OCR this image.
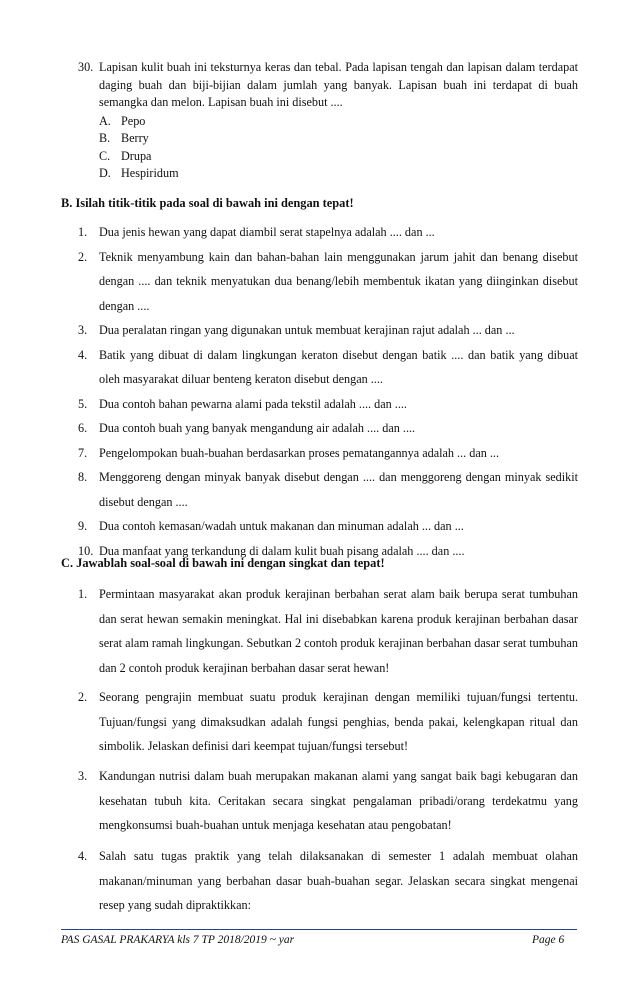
30. Lapisan kulit buah ini teksturnya keras dan tebal. Pada lapisan tengah dan lapisan dalam terdapat daging buah dan biji-bijian dalam jumlah yang banyak. Lapisan buah ini terdapat di buah semangka dan melon. Lapisan buah ini disebut ....
A. Pepo
B. Berry
C. Drupa
D. Hespiridum
B. Isilah titik-titik pada soal di bawah ini dengan tepat!
1. Dua jenis hewan yang dapat diambil serat stapelnya adalah .... dan ...
2. Teknik menyambung kain dan bahan-bahan lain menggunakan jarum jahit dan benang disebut dengan .... dan teknik menyatukan dua benang/lebih membentuk ikatan yang diinginkan disebut dengan ....
3. Dua peralatan ringan yang digunakan untuk membuat kerajinan rajut adalah ... dan ...
4. Batik yang dibuat di dalam lingkungan keraton disebut dengan batik .... dan batik yang dibuat oleh masyarakat diluar benteng keraton disebut dengan ....
5. Dua contoh bahan pewarna alami pada tekstil adalah .... dan ....
6. Dua contoh buah yang banyak mengandung air adalah .... dan ....
7. Pengelompokan buah-buahan berdasarkan proses pematangannya adalah ... dan ...
8. Menggoreng dengan minyak banyak disebut dengan .... dan menggoreng dengan minyak sedikit disebut dengan ....
9. Dua contoh kemasan/wadah untuk makanan dan minuman adalah ... dan ...
10. Dua manfaat yang terkandung di dalam kulit buah pisang adalah .... dan ....
C. Jawablah soal-soal di bawah ini dengan singkat dan tepat!
1. Permintaan masyarakat akan produk kerajinan berbahan serat alam baik berupa serat tumbuhan dan serat hewan semakin meningkat. Hal ini disebabkan karena produk kerajinan berbahan dasar serat alam ramah lingkungan. Sebutkan 2 contoh produk kerajinan berbahan dasar serat tumbuhan dan 2 contoh produk kerajinan berbahan dasar serat hewan!
2. Seorang pengrajin membuat suatu produk kerajinan dengan memiliki tujuan/fungsi tertentu. Tujuan/fungsi yang dimaksudkan adalah fungsi penghias, benda pakai, kelengkapan ritual dan simbolik. Jelaskan definisi dari keempat tujuan/fungsi tersebut!
3. Kandungan nutrisi dalam buah merupakan makanan alami yang sangat baik bagi kebugaran dan kesehatan tubuh kita. Ceritakan secara singkat pengalaman pribadi/orang terdekatmu yang mengkonsumsi buah-buahan untuk menjaga kesehatan atau pengobatan!
4. Salah satu tugas praktik yang telah dilaksanakan di semester 1 adalah membuat olahan makanan/minuman yang berbahan dasar buah-buahan segar. Jelaskan secara singkat mengenai resep yang sudah dipraktikkan:
PAS GASAL PRAKARYA kls 7 TP 2018/2019 ~ yar	Page 6
